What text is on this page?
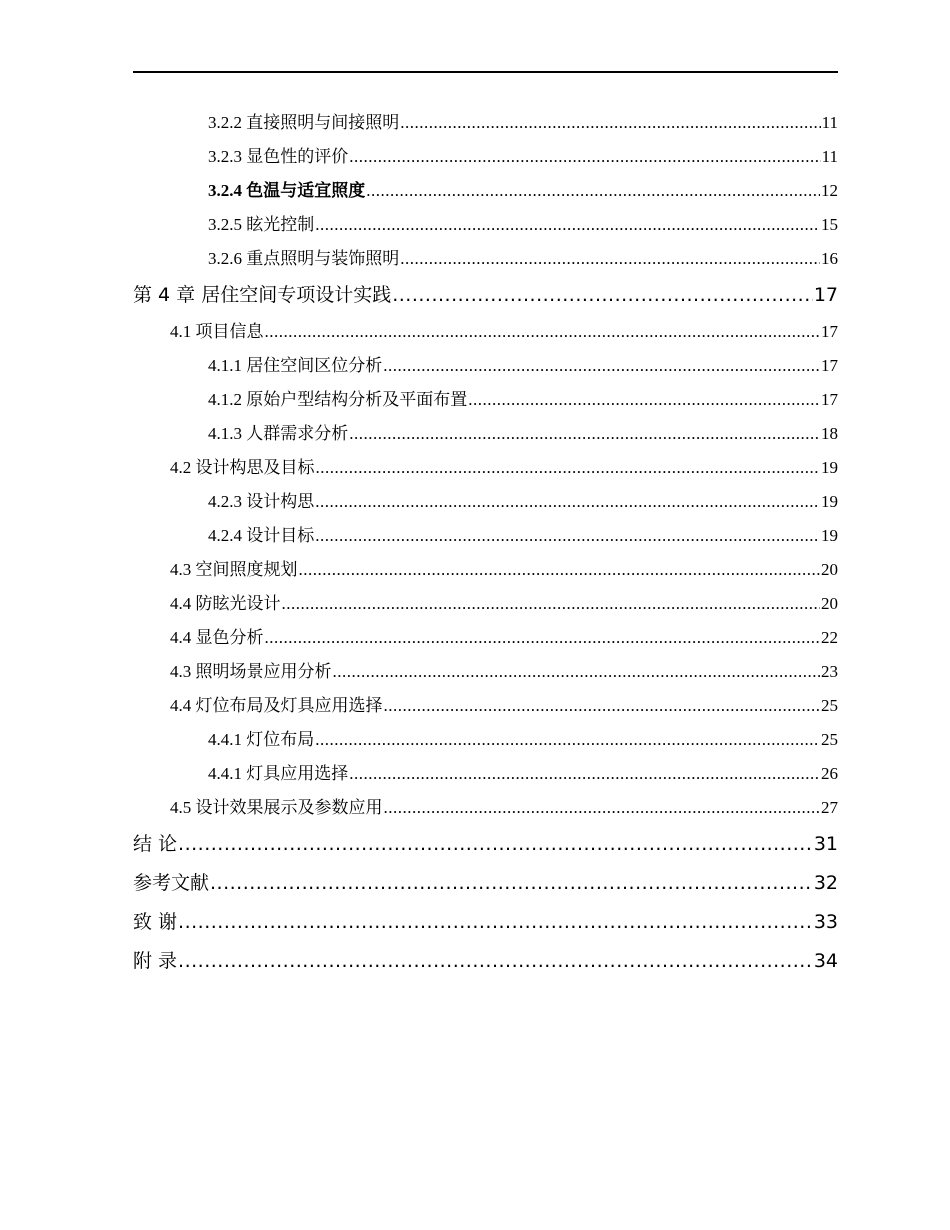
3.2.2 直接照明与间接照明 .....	11
3.2.3 显色性的评价 .....	11
3.2.4 色温与适宜照度 .....	12
3.2.5 眩光控制 .....	15
3.2.6 重点照明与装饰照明 .....	16
第 4 章 居住空间专项设计实践 .....	17
4.1 项目信息 .....	17
4.1.1 居住空间区位分析 .....	17
4.1.2 原始户型结构分析及平面布置 .....	17
4.1.3 人群需求分析 .....	18
4.2 设计构思及目标 .....	19
4.2.3 设计构思 .....	19
4.2.4 设计目标 .....	19
4.3 空间照度规划 .....	20
4.4 防眩光设计 .....	20
4.4 显色分析 .....	22
4.3 照明场景应用分析 .....	23
4.4 灯位布局及灯具应用选择 .....	25
4.4.1 灯位布局 .....	25
4.4.1 灯具应用选择 .....	26
4.5 设计效果展示及参数应用 .....	27
结 论 .....	31
参考文献 .....	32
致 谢 .....	33
附 录 .....	34
